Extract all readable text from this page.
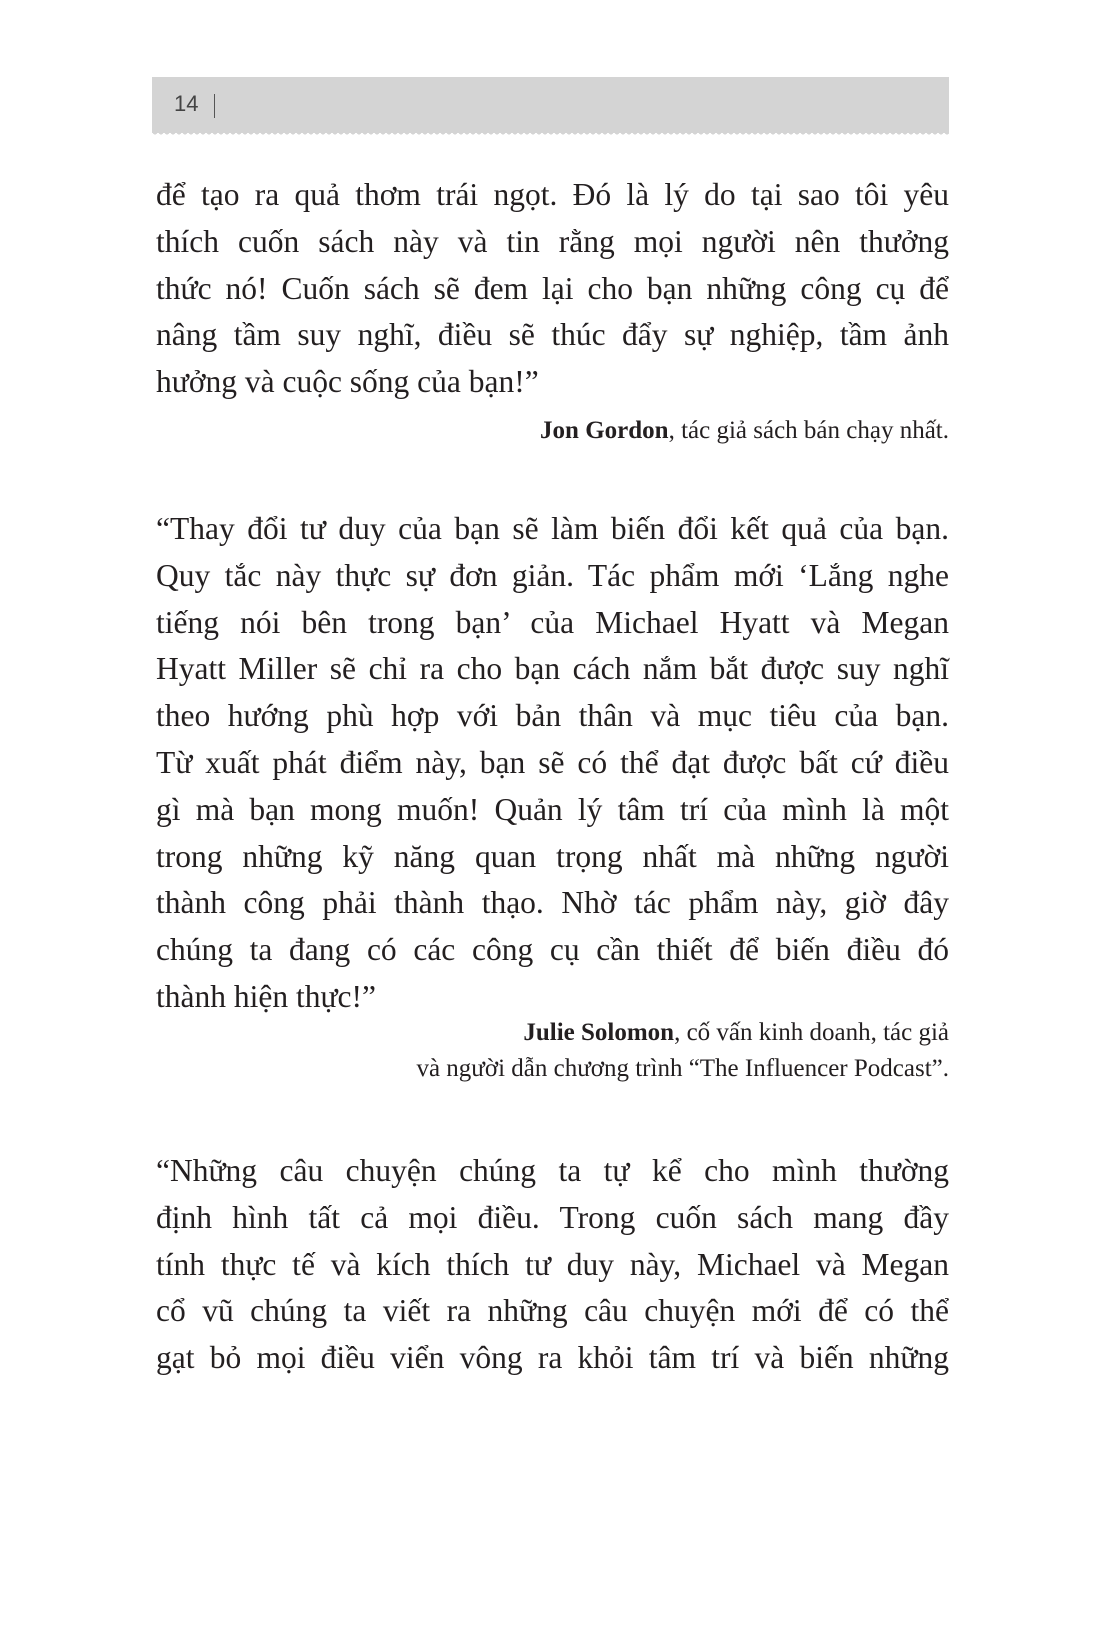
14
để tạo ra quả thơm trái ngọt. Đó là lý do tại sao tôi yêu
thích cuốn sách này và tin rằng mọi người nên thưởng
thức nó! Cuốn sách sẽ đem lại cho bạn những công cụ để
nâng tầm suy nghĩ, điều sẽ thúc đẩy sự nghiệp, tầm ảnh
hưởng và cuộc sống của bạn!”
Jon Gordon, tác giả sách bán chạy nhất.
“Thay đổi tư duy của bạn sẽ làm biến đổi kết quả của bạn.
Quy tắc này thực sự đơn giản. Tác phẩm mới ‘Lắng nghe
tiếng nói bên trong bạn’ của Michael Hyatt và Megan
Hyatt Miller sẽ chỉ ra cho bạn cách nắm bắt được suy nghĩ
theo hướng phù hợp với bản thân và mục tiêu của bạn.
Từ xuất phát điểm này, bạn sẽ có thể đạt được bất cứ điều
gì mà bạn mong muốn! Quản lý tâm trí của mình là một
trong những kỹ năng quan trọng nhất mà những người
thành công phải thành thạo. Nhờ tác phẩm này, giờ đây
chúng ta đang có các công cụ cần thiết để biến điều đó
thành hiện thực!”
Julie Solomon, cố vấn kinh doanh, tác giả
và người dẫn chương trình “The Influencer Podcast”.
“Những câu chuyện chúng ta tự kể cho mình thường
định hình tất cả mọi điều. Trong cuốn sách mang đầy
tính thực tế và kích thích tư duy này, Michael và Megan
cổ vũ chúng ta viết ra những câu chuyện mới để có thể
gạt bỏ mọi điều viển vông ra khỏi tâm trí và biến những
